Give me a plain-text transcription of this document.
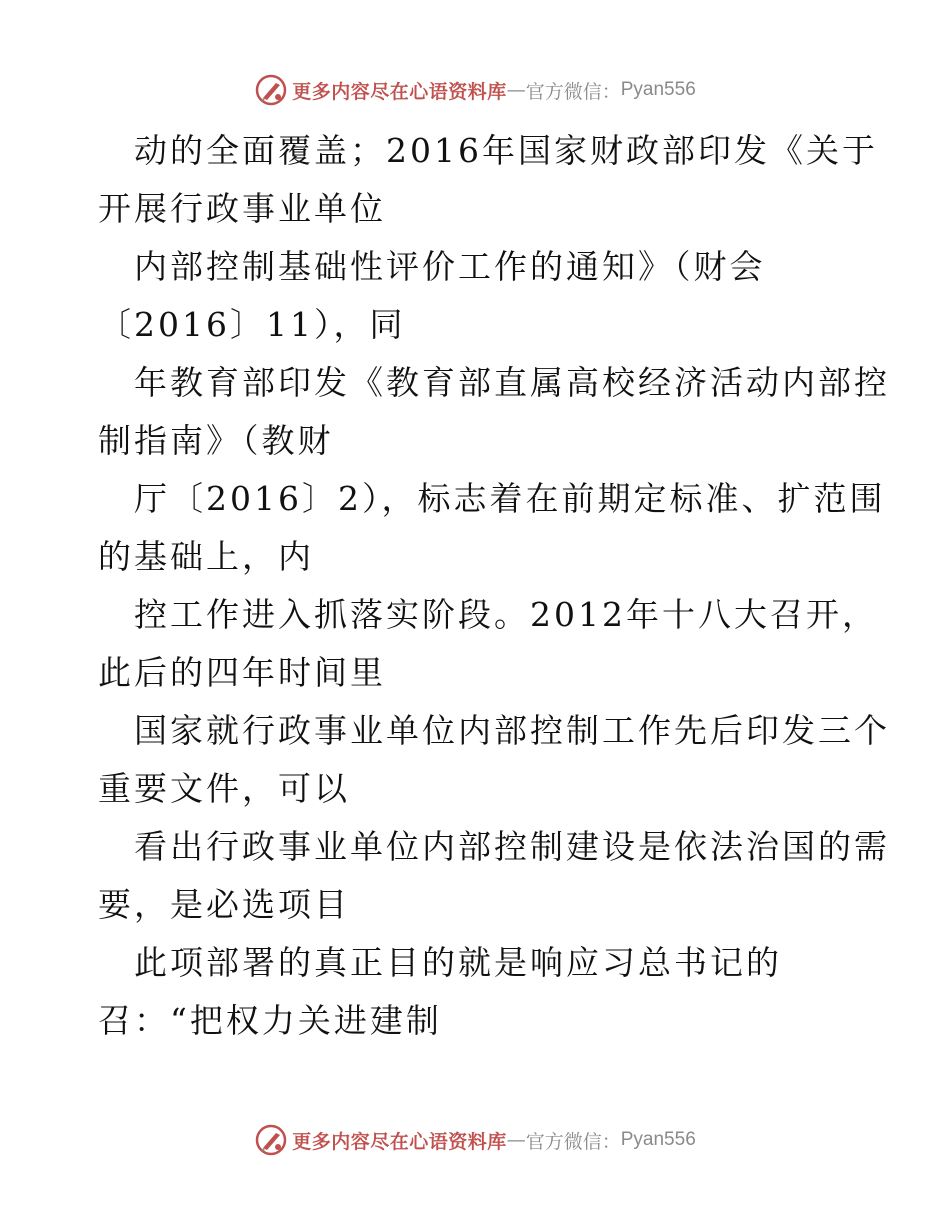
更多内容尽在心语资料库 — 官方微信： Pyan556
动的全面覆盖；2016年国家财政部印发《关于
开展行政事业单位
内部控制基础性评价工作的通知》（财会
〔2016〕11），同
年教育部印发《教育部直属高校经济活动内部控
制指南》（教财
厅〔2016〕2），标志着在前期定标准、扩范围
的基础上，内
控工作进入抓落实阶段。2012年十八大召开，
此后的四年时间里
国家就行政事业单位内部控制工作先后印发三个
重要文件，可以
看出行政事业单位内部控制建设是依法治国的需
要，是必选项目
此项部署的真正目的就是响应习总书记的
召：“把权力关进建制
更多内容尽在心语资料库 — 官方微信： Pyan556
